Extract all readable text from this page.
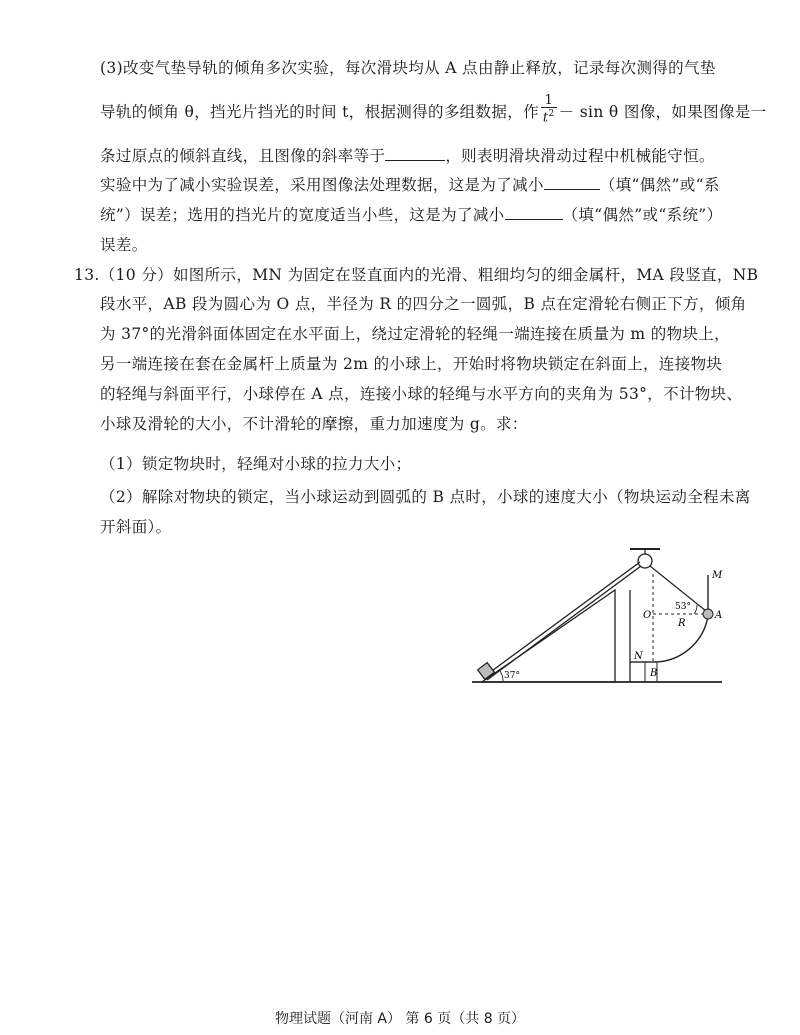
(3)改变气垫导轨的倾角多次实验，每次滑块均从 A 点由静止释放，记录每次测得的气垫
导轨的倾角 θ，挡光片挡光的时间 t，根据测得的多组数据，作 $\frac{1}{t^2} - \sin \theta$ 图像，如果图像是一
条过原点的倾斜直线，且图像的斜率等于	，则表明滑块滑动过程中机械能守恒。
实验中为了减小实验误差，采用图像法处理数据，这是为了减小	（填“偶然”或“系
统”）误差；选用的挡光片的宽度适当小些，这是为了减小	（填“偶然”或“系统”）
误差。
13.（10 分）如图所示，MN 为固定在竖直面内的光滑、粗细均匀的细金属杆，MA 段竖直，NB
段水平，AB 段为圆心为 O 点，半径为 R 的四分之一圆弧，B 点在定滑轮右侧正下方，倾角
为 37°的光滑斜面体固定在水平面上，绕过定滑轮的轻绳一端连接在质量为 m 的物块上，
另一端连接在套在金属杆上质量为 2m 的小球上，开始时将物块锁定在斜面上，连接物块
的轻绳与斜面平行，小球停在 A 点，连接小球的轻绳与水平方向的夹角为 53°，不计物块、
小球及滑轮的大小，不计滑轮的摩擦，重力加速度为 g。求：
（1）锁定物块时，轻绳对小球的拉力大小；
（2）解除对物块的锁定，当小球运动到圆弧的 B 点时，小球的速度大小（物块运动全程未离
开斜面）。
M
O	A
R
N
B
53°
37°
物理试题（河南 A） 第 6 页（共 8 页）
